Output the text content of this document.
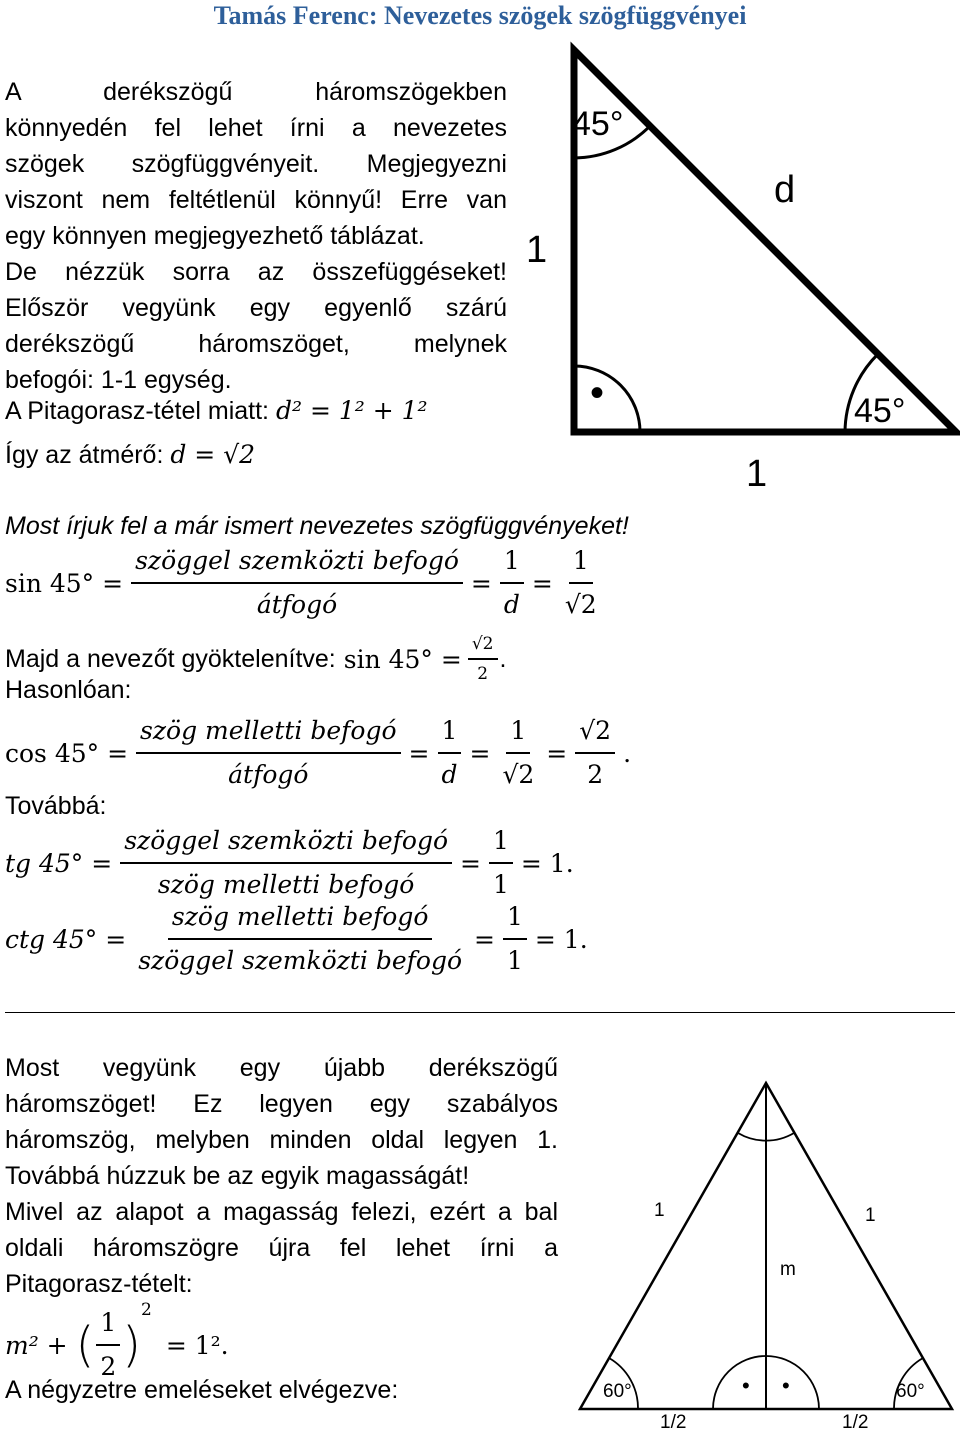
Tamás Ferenc: Nevezetes szögek szögfüggvényei
A derékszögű háromszögekben
könnyedén fel lehet írni a nevezetes
szögek szögfüggvényeit. Megjegyezni
viszont nem feltétlenül könnyű! Erre van
egy könnyen megjegyezhető táblázat.
De nézzük sorra az összefüggéseket!
Először vegyünk egy egyenlő szárú
derékszögű háromszöget, melynek
befogói: 1-1 egység.
A Pitagorasz-tétel miatt: d² = 1² + 1²
Így az átmérő: d = √2
45°
d
1
•	45°
1
Most írjuk fel a már ismert nevezetes szögfüggvényeket!
$\sin 45^\circ = \frac{\text{szöggel szemközti befogó}}{\text{átfogó}} = \frac{1}{d} = \frac{1}{√2}$
Majd a nevezőt gyöktelenítve: $\sin 45^\circ = \frac{√2}{2}$ .
Hasonlóan:
$\cos 45^\circ = \frac{\text{szög melletti befogó}}{\text{átfogó}} = \frac{1}{d} = \frac{1}{√2} = \frac{√2}{2}$ .
Továbbá:
tg $45^\circ = \frac{\text{szöggel szemközti befogó}}{\text{szög melletti befogó}} = \frac{1}{1} = 1$.
ctg $45^\circ = \frac{\text{szög melletti befogó}}{\text{szöggel szemközti befogó}} = \frac{1}{1} = 1$.
Most vegyünk egy újabb derékszögű
háromszöget! Ez legyen egy szabályos
háromszög, melyben minden oldal legyen 1.
Továbbá húzzuk be az egyik magasságát!
Mivel az alapot a magasság felezi, ezért a bal
oldali háromszögre újra fel lehet írni a
Pitagorasz-tételt:
m² + ( $\frac{1}{2}$ )
2
= 1².
A négyzetre emeléseket elvégezve:
1	1
m
60°	60°
• •
1/2	1/2
